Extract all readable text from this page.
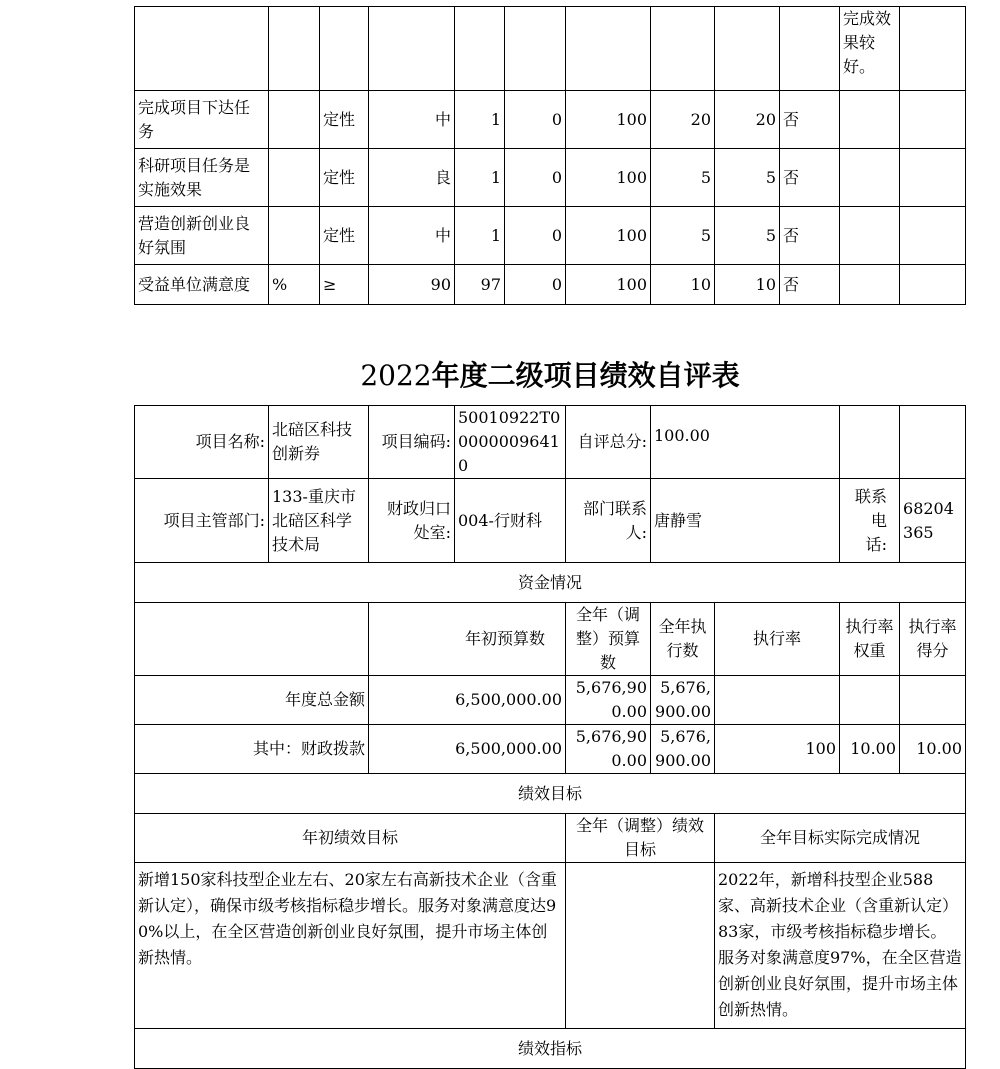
										完成效果较好。	
完成项目下达任务		定性	中	1	0	100	20	20	否		
科研项目任务是实施效果		定性	良	1	0	100	5	5	否		
营造创新创业良好氛围		定性	中	1	0	100	5	5	否		
受益单位满意度	%	≥	90	97	0	100	10	10	否		
2022年度二级项目绩效自评表
项目名称:	北碚区科技创新券	项目编码:	50010922T000000096410	自评总分:	100.00			
项目主管部门:	133-重庆市北碚区科学技术局	财政归口处室:	004-行财科	部门联系人:	唐静雪		联系电话:	68204365
资金情况								
		年初预算数		全年（调整）预算数	全年执行数	执行率	执行率权重	执行率得分
年度总金额		6,500,000.00		5,676,900.00	5,676,900.00			
其中：财政拨款		6,500,000.00		5,676,900.00	5,676,900.00	100	10.00	10.00
绩效目标								
年初绩效目标				全年（调整）绩效目标		全年目标实际完成情况		
新增150家科技型企业左右、20家左右高新技术企业（含重新认定），确保市级考核指标稳步增长。服务对象满意度达90%以上，在全区营造创新创业良好氛围，提升市场主体创新热情。						2022年，新增科技型企业588家、高新技术企业（含重新认定）83家，市级考核指标稳步增长。服务对象满意度97%，在全区营造创新创业良好氛围，提升市场主体创新热情。		
绩效指标								
